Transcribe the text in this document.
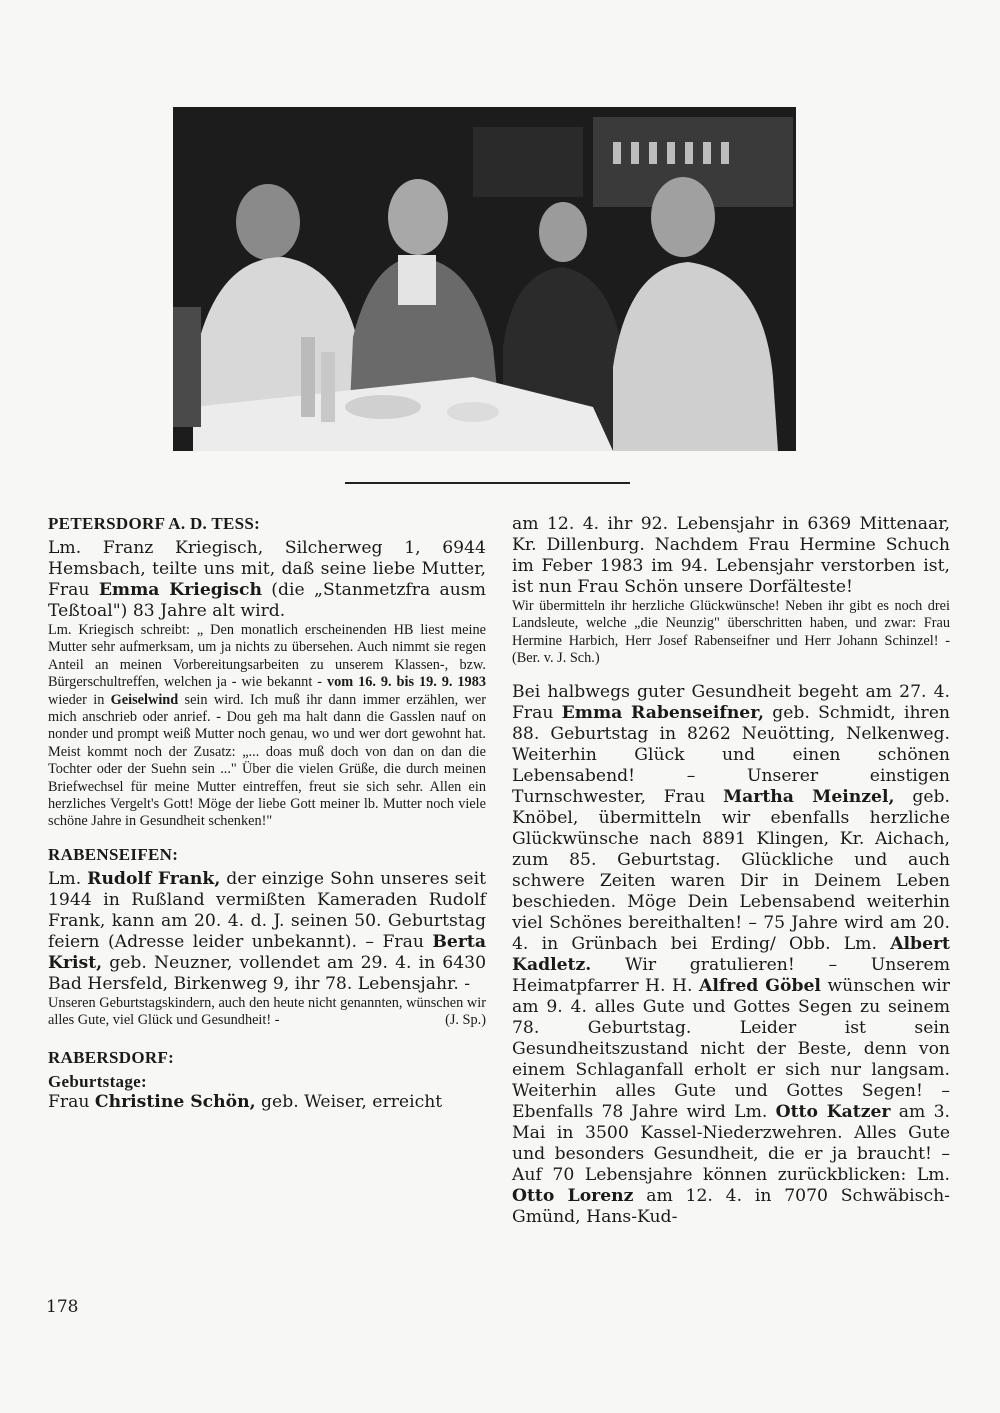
PETERSDORF A. D. TESS:

Lm. Franz Kriegisch, Silcherweg 1, 6944 Hemsbach, teilte uns mit, daß seine liebe Mutter, Frau Emma Kriegisch (die „Stanmetzfra ausm Teßtoal") 83 Jahre alt wird.

Lm. Kriegisch schreibt: „ Den monatlich erscheinenden HB liest meine Mutter sehr aufmerksam, um ja nichts zu übersehen. Auch nimmt sie regen Anteil an meinen Vorbereitungsarbeiten zu unserem Klassen-, bzw. Bürgerschultreffen, welchen ja - wie bekannt - vom 16. 9. bis 19. 9. 1983 wieder in Geiselwind sein wird. Ich muß ihr dann immer erzählen, wer mich anschrieb oder anrief. - Dou geh ma halt dann die Gasslen nauf on nonder und prompt weiß Mutter noch genau, wo und wer dort gewohnt hat. Meist kommt noch der Zusatz: „... doas muß doch von dan on dan die Tochter oder der Suehn sein ..." Über die vielen Grüße, die durch meinen Briefwechsel für meine Mutter eintreffen, freut sie sich sehr. Allen ein herzliches Vergelt's Gott! Möge der liebe Gott meiner lb. Mutter noch viele schöne Jahre in Gesundheit schenken!"

RABENSEIFEN:

Lm. Rudolf Frank, der einzige Sohn unseres seit 1944 in Rußland vermißten Kameraden Rudolf Frank, kann am 20. 4. d. J. seinen 50. Geburtstag feiern (Adresse leider unbekannt). – Frau Berta Krist, geb. Neuzner, vollendet am 29. 4. in 6430 Bad Hersfeld, Birkenweg 9, ihr 78. Lebensjahr. -

Unseren Geburtstagskindern, auch den heute nicht genannten, wünschen wir alles Gute, viel Glück und Gesundheit! -	(J. Sp.)

RABERSDORF:
Geburtstage:

Frau Christine Schön, geb. Weiser, erreicht

am 12. 4. ihr 92. Lebensjahr in 6369 Mittenaar, Kr. Dillenburg. Nachdem Frau Hermine Schuch im Feber 1983 im 94. Lebensjahr verstorben ist, ist nun Frau Schön unsere Dorfälteste!

Wir übermitteln ihr herzliche Glückwünsche! Neben ihr gibt es noch drei Landsleute, welche „die Neunzig" überschritten haben, und zwar: Frau Hermine Harbich, Herr Josef Rabenseifner und Herr Johann Schinzel! - (Ber. v. J. Sch.)

Bei halbwegs guter Gesundheit begeht am 27. 4. Frau Emma Rabenseifner, geb. Schmidt, ihren 88. Geburtstag in 8262 Neuötting, Nelkenweg. Weiterhin Glück und einen schönen Lebensabend! – Unserer einstigen Turnschwester, Frau Martha Meinzel, geb. Knöbel, übermitteln wir ebenfalls herzliche Glückwünsche nach 8891 Klingen, Kr. Aichach, zum 85. Geburtstag. Glückliche und auch schwere Zeiten waren Dir in Deinem Leben beschieden. Möge Dein Lebensabend weiterhin viel Schönes bereithalten! – 75 Jahre wird am 20. 4. in Grünbach bei Erding/ Obb. Lm. Albert Kadletz. Wir gratulieren! – Unserem Heimatpfarrer H. H. Alfred Göbel wünschen wir am 9. 4. alles Gute und Gottes Segen zu seinem 78. Geburtstag. Leider ist sein Gesundheitszustand nicht der Beste, denn von einem Schlaganfall erholt er sich nur langsam. Weiterhin alles Gute und Gottes Segen! – Ebenfalls 78 Jahre wird Lm. Otto Katzer am 3. Mai in 3500 Kassel-Niederzwehren. Alles Gute und besonders Gesundheit, die er ja braucht! – Auf 70 Lebensjahre können zurückblicken: Lm. Otto Lorenz am 12. 4. in 7070 Schwäbisch-Gmünd, Hans-Kud-

178
